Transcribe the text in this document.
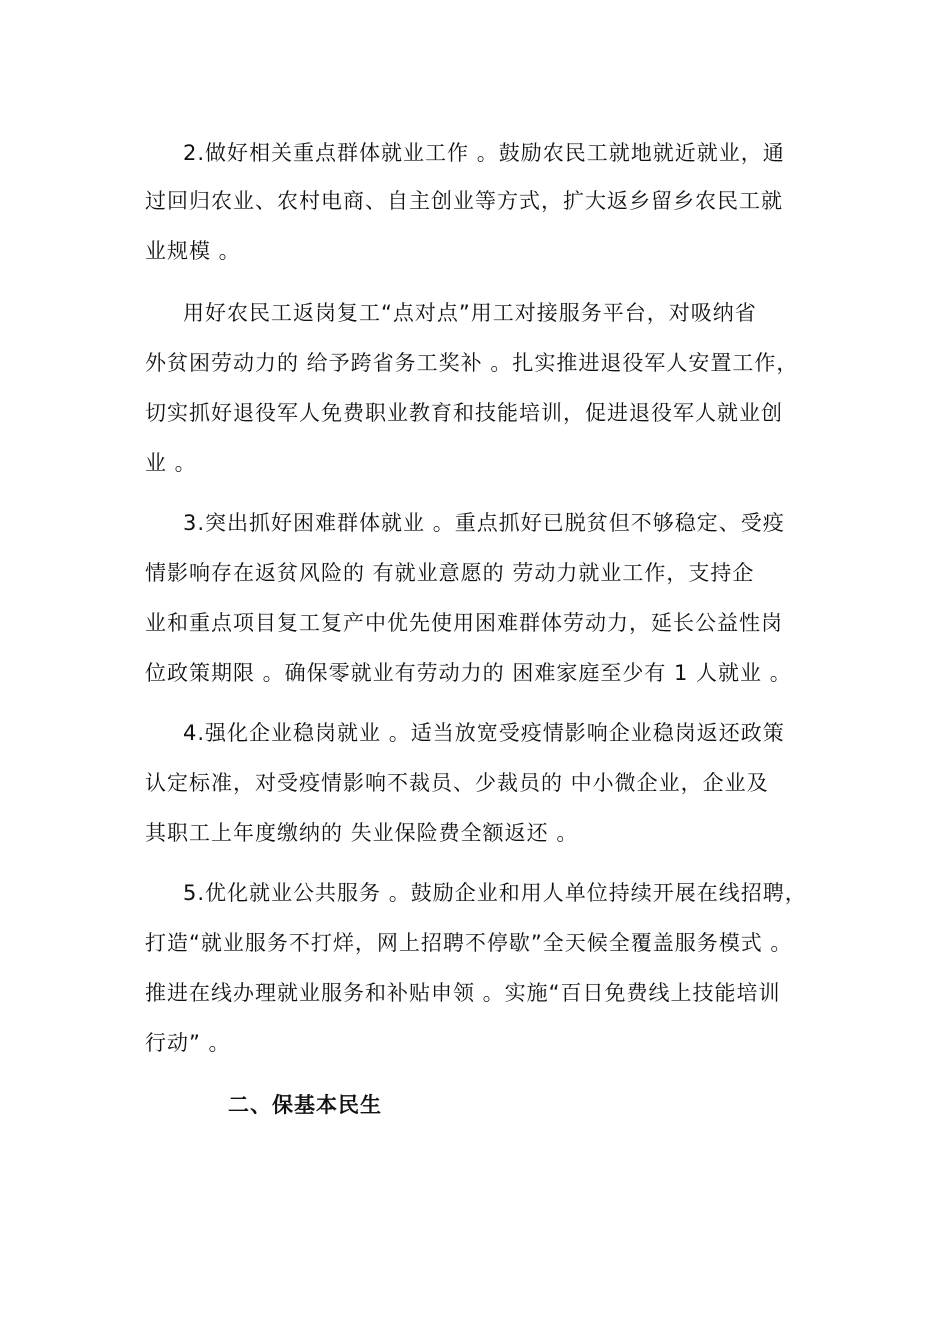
2.做好相关重点群体就业工作 。鼓励农民工就地就近就业，通
过回归农业、农村电商、自主创业等方式，扩大返乡留乡农民工就
业规模 。
用好农民工返岗复工“点对点”用工对接服务平台，对吸纳省
外贫困劳动力的 给予跨省务工奖补 。扎实推进退役军人安置工作，
切实抓好退役军人免费职业教育和技能培训，促进退役军人就业创
业 。
3.突出抓好困难群体就业 。重点抓好已脱贫但不够稳定、受疫
情影响存在返贫风险的 有就业意愿的 劳动力就业工作，支持企
业和重点项目复工复产中优先使用困难群体劳动力，延长公益性岗
位政策期限 。确保零就业有劳动力的 困难家庭至少有 1 人就业 。
4.强化企业稳岗就业 。适当放宽受疫情影响企业稳岗返还政策
认定标准，对受疫情影响不裁员、少裁员的 中小微企业，企业及
其职工上年度缴纳的 失业保险费全额返还 。
5.优化就业公共服务 。鼓励企业和用人单位持续开展在线招聘，
打造“就业服务不打烊，网上招聘不停歇”全天候全覆盖服务模式 。
推进在线办理就业服务和补贴申领 。实施“百日免费线上技能培训
行动” 。
二、保基本民生
